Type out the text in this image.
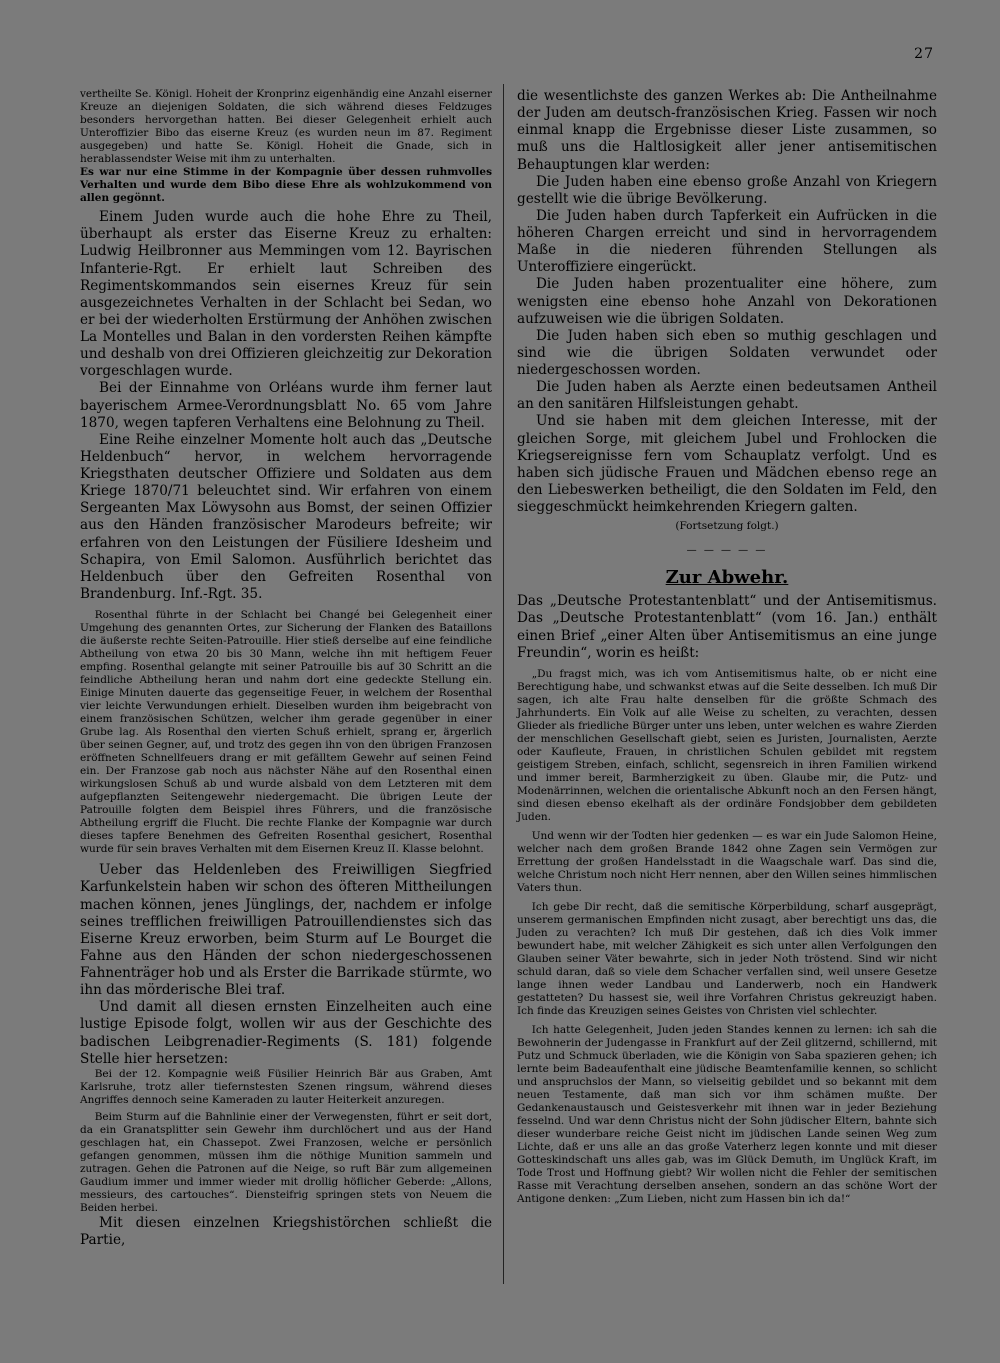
27

vertheilte Se. Königl. Hoheit der Kronprinz eigenhändig eine Anzahl eiserner Kreuze an diejenigen Soldaten, die sich während dieses Feldzuges besonders hervorgethan hatten. Bei dieser Gelegenheit erhielt auch Unteroffizier Bibo das eiserne Kreuz (es wurden neun im 87. Regiment ausgegeben) und hatte Se. Königl. Hoheit die Gnade, sich in herablassendster Weise mit ihm zu unterhalten.

Es war nur eine Stimme in der Kompagnie über dessen ruhmvolles Verhalten und wurde dem Bibo diese Ehre als wohlzukommend von allen gegönnt.

Einem Juden wurde auch die hohe Ehre zu Theil, überhaupt als erster das Eiserne Kreuz zu erhalten: Ludwig Heilbronner aus Memmingen vom 12. Bayrischen Infanterie-Rgt. Er erhielt laut Schreiben des Regimentskommandos sein eisernes Kreuz für sein ausgezeichnetes Verhalten in der Schlacht bei Sedan, wo er bei der wiederholten Erstürmung der Anhöhen zwischen La Montelles und Balan in den vordersten Reihen kämpfte und deshalb von drei Offizieren gleichzeitig zur Dekoration vorgeschlagen wurde.

Bei der Einnahme von Orléans wurde ihm ferner laut bayerischem Armee-Verordnungsblatt No. 65 vom Jahre 1870, wegen tapferen Verhaltens eine Belohnung zu Theil.

Eine Reihe einzelner Momente holt auch das „Deutsche Heldenbuch“ hervor, in welchem hervorragende Kriegsthaten deutscher Offiziere und Soldaten aus dem Kriege 1870/71 beleuchtet sind. Wir erfahren von einem Sergeanten Max Löwysohn aus Bomst, der seinen Offizier aus den Händen französischer Marodeurs befreite; wir erfahren von den Leistungen der Füsiliere Idesheim und Schapira, von Emil Salomon. Ausführlich berichtet das Heldenbuch über den Gefreiten Rosenthal von Brandenburg. Inf.-Rgt. 35.

Rosenthal führte in der Schlacht bei Changé bei Gelegenheit einer Umgehung des genannten Ortes, zur Sicherung der Flanken des Bataillons die äußerste rechte Seiten-Patrouille. Hier stieß derselbe auf eine feindliche Abtheilung von etwa 20 bis 30 Mann, welche ihn mit heftigem Feuer empfing. Rosenthal gelangte mit seiner Patrouille bis auf 30 Schritt an die feindliche Abtheilung heran und nahm dort eine gedeckte Stellung ein. Einige Minuten dauerte das gegenseitige Feuer, in welchem der Rosenthal vier leichte Verwundungen erhielt. Dieselben wurden ihm beigebracht von einem französischen Schützen, welcher ihm gerade gegenüber in einer Grube lag. Als Rosenthal den vierten Schuß erhielt, sprang er, ärgerlich über seinen Gegner, auf, und trotz des gegen ihn von den übrigen Franzosen eröffneten Schnellfeuers drang er mit gefälltem Gewehr auf seinen Feind ein. Der Franzose gab noch aus nächster Nähe auf den Rosenthal einen wirkungslosen Schuß ab und wurde alsbald von dem Letzteren mit dem aufgepflanzten Seitengewehr niedergemacht. Die übrigen Leute der Patrouille folgten dem Beispiel ihres Führers, und die französische Abtheilung ergriff die Flucht. Die rechte Flanke der Kompagnie war durch dieses tapfere Benehmen des Gefreiten Rosenthal gesichert, Rosenthal wurde für sein braves Verhalten mit dem Eisernen Kreuz II. Klasse belohnt.

Ueber das Heldenleben des Freiwilligen Siegfried Karfunkelstein haben wir schon des öfteren Mittheilungen machen können, jenes Jünglings, der, nachdem er infolge seines trefflichen freiwilligen Patrouillendienstes sich das Eiserne Kreuz erworben, beim Sturm auf Le Bourget die Fahne aus den Händen der schon niedergeschossenen Fahnenträger hob und als Erster die Barrikade stürmte, wo ihn das mörderische Blei traf.

Und damit all diesen ernsten Einzelheiten auch eine lustige Episode folgt, wollen wir aus der Geschichte des badischen Leibgrenadier-Regiments (S. 181) folgende Stelle hier hersetzen:

Bei der 12. Kompagnie weiß Füsilier Heinrich Bär aus Graben, Amt Karlsruhe, trotz aller tiefernstesten Szenen ringsum, während dieses Angriffes dennoch seine Kameraden zu lauter Heiterkeit anzuregen.

Beim Sturm auf die Bahnlinie einer der Verwegensten, führt er seit dort, da ein Granatsplitter sein Gewehr ihm durchlöchert und aus der Hand geschlagen hat, ein Chassepot. Zwei Franzosen, welche er persönlich gefangen genommen, müssen ihm die nöthige Munition sammeln und zutragen. Gehen die Patronen auf die Neige, so ruft Bär zum allgemeinen Gaudium immer und immer wieder mit drollig höflicher Geberde: „Allons, messieurs, des cartouches“. Diensteifrig springen stets von Neuem die Beiden herbei.

Mit diesen einzelnen Kriegshistörchen schließt die Partie,

die wesentlichste des ganzen Werkes ab: Die Antheilnahme der Juden am deutsch-französischen Krieg. Fassen wir noch einmal knapp die Ergebnisse dieser Liste zusammen, so muß uns die Haltlosigkeit aller jener antisemitischen Behauptungen klar werden:

Die Juden haben eine ebenso große Anzahl von Kriegern gestellt wie die übrige Bevölkerung.

Die Juden haben durch Tapferkeit ein Aufrücken in die höheren Chargen erreicht und sind in hervorragendem Maße in die niederen führenden Stellungen als Unteroffiziere eingerückt.

Die Juden haben prozentualiter eine höhere, zum wenigsten eine ebenso hohe Anzahl von Dekorationen aufzuweisen wie die übrigen Soldaten.

Die Juden haben sich eben so muthig geschlagen und sind wie die übrigen Soldaten verwundet oder niedergeschossen worden.

Die Juden haben als Aerzte einen bedeutsamen Antheil an den sanitären Hilfsleistungen gehabt.

Und sie haben mit dem gleichen Interesse, mit der gleichen Sorge, mit gleichem Jubel und Frohlocken die Kriegsereignisse fern vom Schauplatz verfolgt. Und es haben sich jüdische Frauen und Mädchen ebenso rege an den Liebeswerken betheiligt, die den Soldaten im Feld, den sieggeschmückt heimkehrenden Kriegern galten.

(Fortsetzung folgt.)

— — — — —

Zur Abwehr.

Das „Deutsche Protestantenblatt“ und der Antisemitismus. Das „Deutsche Protestantenblatt“ (vom 16. Jan.) enthält einen Brief „einer Alten über Antisemitismus an eine junge Freundin“, worin es heißt:

„Du fragst mich, was ich vom Antisemitismus halte, ob er nicht eine Berechtigung habe, und schwankst etwas auf die Seite desselben. Ich muß Dir sagen, ich alte Frau halte denselben für die größte Schmach des Jahrhunderts. Ein Volk auf alle Weise zu schelten, zu verachten, dessen Glieder als friedliche Bürger unter uns leben, unter welchen es wahre Zierden der menschlichen Gesellschaft giebt, seien es Juristen, Journalisten, Aerzte oder Kaufleute, Frauen, in christlichen Schulen gebildet mit regstem geistigem Streben, einfach, schlicht, segensreich in ihren Familien wirkend und immer bereit, Barmherzigkeit zu üben. Glaube mir, die Putz- und Modenärrinnen, welchen die orientalische Abkunft noch an den Fersen hängt, sind diesen ebenso ekelhaft als der ordinäre Fondsjobber dem gebildeten Juden.

Und wenn wir der Todten hier gedenken — es war ein Jude Salomon Heine, welcher nach dem großen Brande 1842 ohne Zagen sein Vermögen zur Errettung der großen Handelsstadt in die Waagschale warf. Das sind die, welche Christum noch nicht Herr nennen, aber den Willen seines himmlischen Vaters thun.

Ich gebe Dir recht, daß die semitische Körperbildung, scharf ausgeprägt, unserem germanischen Empfinden nicht zusagt, aber berechtigt uns das, die Juden zu verachten? Ich muß Dir gestehen, daß ich dies Volk immer bewundert habe, mit welcher Zähigkeit es sich unter allen Verfolgungen den Glauben seiner Väter bewahrte, sich in jeder Noth tröstend. Sind wir nicht schuld daran, daß so viele dem Schacher verfallen sind, weil unsere Gesetze lange ihnen weder Landbau und Landerwerb, noch ein Handwerk gestatteten? Du hassest sie, weil ihre Vorfahren Christus gekreuzigt haben. Ich finde das Kreuzigen seines Geistes von Christen viel schlechter.

Ich hatte Gelegenheit, Juden jeden Standes kennen zu lernen: ich sah die Bewohnerin der Judengasse in Frankfurt auf der Zeil glitzernd, schillernd, mit Putz und Schmuck überladen, wie die Königin von Saba spazieren gehen; ich lernte beim Badeaufenthalt eine jüdische Beamtenfamilie kennen, so schlicht und anspruchslos der Mann, so vielseitig gebildet und so bekannt mit dem neuen Testamente, daß man sich vor ihm schämen mußte. Der Gedankenaustausch und Geistesverkehr mit ihnen war in jeder Beziehung fesselnd. Und war denn Christus nicht der Sohn jüdischer Eltern, bahnte sich dieser wunderbare reiche Geist nicht im jüdischen Lande seinen Weg zum Lichte, daß er uns alle an das große Vaterherz legen konnte und mit dieser Gotteskindschaft uns alles gab, was im Glück Demuth, im Unglück Kraft, im Tode Trost und Hoffnung giebt? Wir wollen nicht die Fehler der semitischen Rasse mit Verachtung derselben ansehen, sondern an das schöne Wort der Antigone denken: „Zum Lieben, nicht zum Hassen bin ich da!“
